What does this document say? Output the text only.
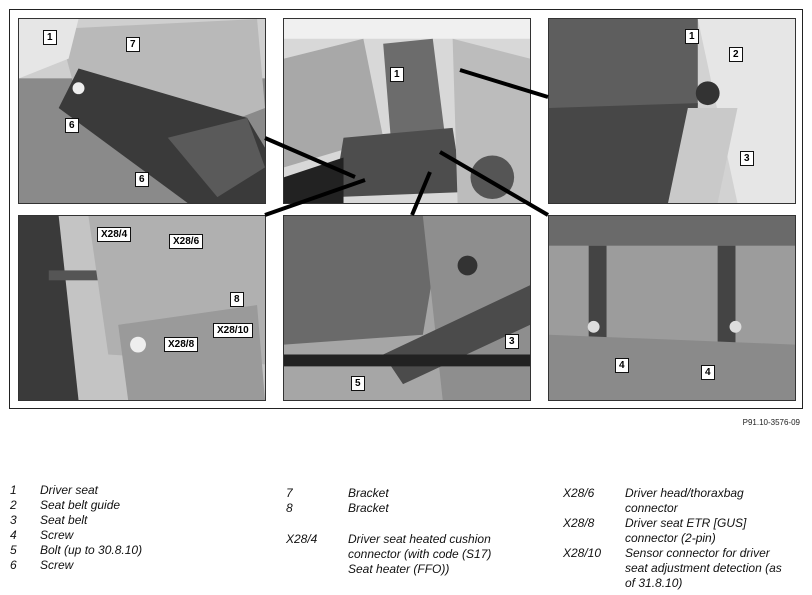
1
7
6
6
1
1
2
3
X28/4
X28/6
8
X28/10
X28/8	3
5
4
4
P91.10-3576-09
1	Driver seat
2	Seat belt guide
3	Seat belt
4	Screw
5	Bolt (up to 30.8.10)
6	Screw
7	Bracket
8	Bracket
X28/4	Driver seat heated cushion connector (with code (S17) Seat heater (FFO))
X28/6	Driver head/thoraxbag connector
X28/8	Driver seat ETR [GUS] connector (2-pin)
X28/10	Sensor connector for driver seat adjustment detection (as of 31.8.10)
